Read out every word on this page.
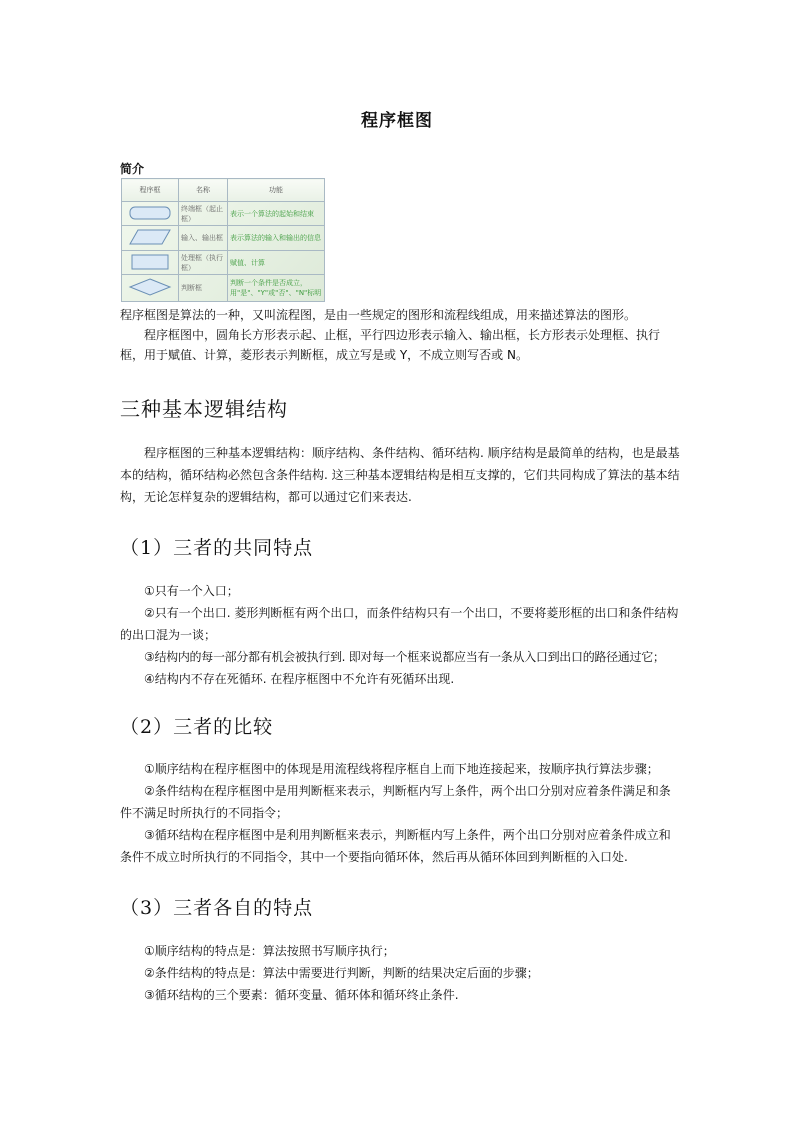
程序框图
简介
程序框	名称	功能
	终端框（起止框）	表示一个算法的起始和结束
	输入、输出框	表示算法的输入和输出的信息
	处理框（执行框）	赋值、计算
	判断框	判断一个条件是否成立，用"是"、"Y"或"否"、"N"标明
程序框图是算法的一种，又叫流程图，是由一些规定的图形和流程线组成，用来描述算法的图形。
程序框图中，圆角长方形表示起、止框，平行四边形表示输入、输出框，长方形表示处理框、执行框，用于赋值、计算，菱形表示判断框，成立写是或 Y，不成立则写否或 N。
三种基本逻辑结构
程序框图的三种基本逻辑结构：顺序结构、条件结构、循环结构. 顺序结构是最简单的结构，也是最基本的结构，循环结构必然包含条件结构. 这三种基本逻辑结构是相互支撑的，它们共同构成了算法的基本结构，无论怎样复杂的逻辑结构，都可以通过它们来表达.
（1）三者的共同特点
①只有一个入口；
②只有一个出口. 菱形判断框有两个出口，而条件结构只有一个出口，不要将菱形框的出口和条件结构的出口混为一谈；
③结构内的每一部分都有机会被执行到. 即对每一个框来说都应当有一条从入口到出口的路径通过它；
④结构内不存在死循环. 在程序框图中不允许有死循环出现.
（2）三者的比较
①顺序结构在程序框图中的体现是用流程线将程序框自上而下地连接起来，按顺序执行算法步骤；
②条件结构在程序框图中是用判断框来表示，判断框内写上条件，两个出口分别对应着条件满足和条件不满足时所执行的不同指令；
③循环结构在程序框图中是利用判断框来表示，判断框内写上条件，两个出口分别对应着条件成立和条件不成立时所执行的不同指令，其中一个要指向循环体，然后再从循环体回到判断框的入口处.
（3）三者各自的特点
①顺序结构的特点是：算法按照书写顺序执行；
②条件结构的特点是：算法中需要进行判断，判断的结果决定后面的步骤；
③循环结构的三个要素：循环变量、循环体和循环终止条件.
